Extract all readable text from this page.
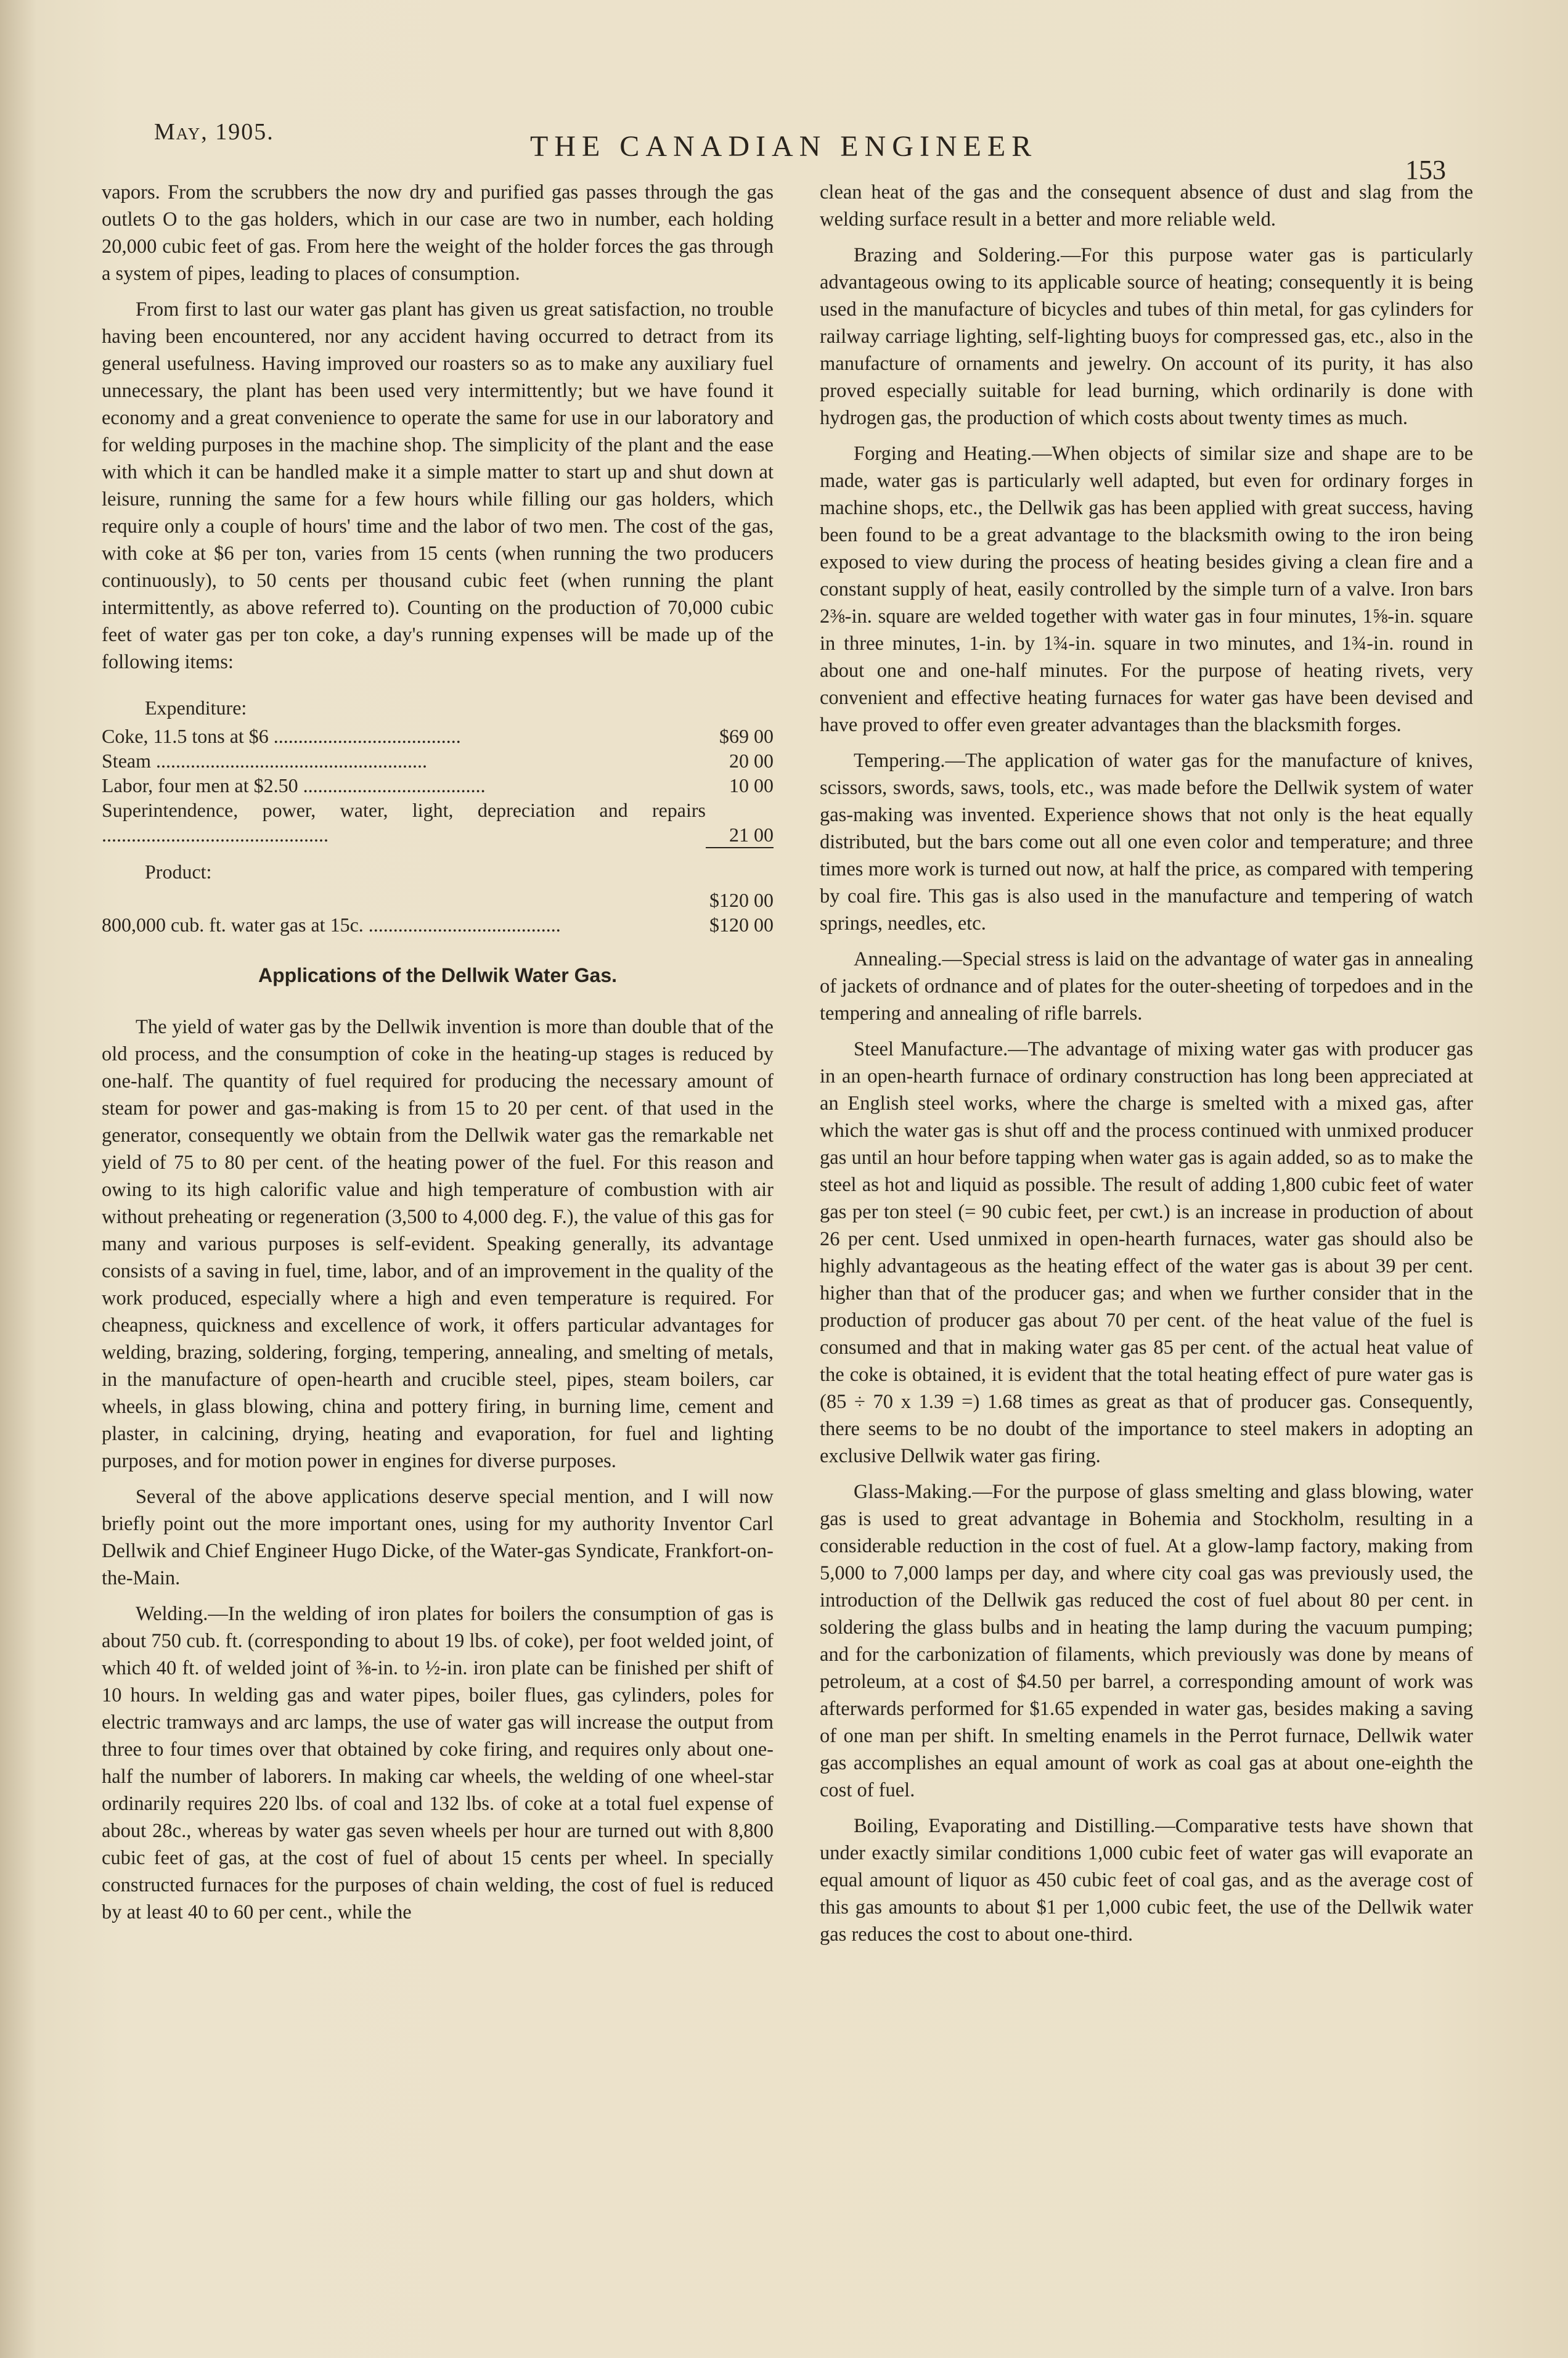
May, 1905.	THE CANADIAN ENGINEER
153

vapors. From the scrubbers the now dry and purified gas passes through the gas outlets O to the gas holders, which in our case are two in number, each holding 20,000 cubic feet of gas. From here the weight of the holder forces the gas through a system of pipes, leading to places of consumption.

From first to last our water gas plant has given us great satisfaction, no trouble having been encountered, nor any accident having occurred to detract from its general usefulness. Having improved our roasters so as to make any auxiliary fuel unnecessary, the plant has been used very intermittently; but we have found it economy and a great convenience to operate the same for use in our laboratory and for welding purposes in the machine shop. The simplicity of the plant and the ease with which it can be handled make it a simple matter to start up and shut down at leisure, running the same for a few hours while filling our gas holders, which require only a couple of hours' time and the labor of two men. The cost of the gas, with coke at $6 per ton, varies from 15 cents (when running the two producers continuously), to 50 cents per thousand cubic feet (when running the plant intermittently, as above referred to). Counting on the production of 70,000 cubic feet of water gas per ton coke, a day's running expenses will be made up of the following items:

Expenditure:
Coke, 11.5 tons at $6 ......................................	$69 00
Steam .......................................................	20 00
Labor, four men at $2.50 .....................................	10 00
Superintendence, power, water, light, depreciation and repairs ..............................................	21 00

Product:
	$120 00
800,000 cub. ft. water gas at 15c. .......................................	$120 00
Applications of the Dellwik Water Gas.

The yield of water gas by the Dellwik invention is more than double that of the old process, and the consumption of coke in the heating-up stages is reduced by one-half. The quantity of fuel required for producing the necessary amount of steam for power and gas-making is from 15 to 20 per cent. of that used in the generator, consequently we obtain from the Dellwik water gas the remarkable net yield of 75 to 80 per cent. of the heating power of the fuel. For this reason and owing to its high calorific value and high temperature of combustion with air without preheating or regeneration (3,500 to 4,000 deg. F.), the value of this gas for many and various purposes is self-evident. Speaking generally, its advantage consists of a saving in fuel, time, labor, and of an improvement in the quality of the work produced, especially where a high and even temperature is required. For cheapness, quickness and excellence of work, it offers particular advantages for welding, brazing, soldering, forging, tempering, annealing, and smelting of metals, in the manufacture of open-hearth and crucible steel, pipes, steam boilers, car wheels, in glass blowing, china and pottery firing, in burning lime, cement and plaster, in calcining, drying, heating and evaporation, for fuel and lighting purposes, and for motion power in engines for diverse purposes.

Several of the above applications deserve special mention, and I will now briefly point out the more important ones, using for my authority Inventor Carl Dellwik and Chief Engineer Hugo Dicke, of the Water-gas Syndicate, Frankfort-on-the-Main.

Welding.—In the welding of iron plates for boilers the consumption of gas is about 750 cub. ft. (corresponding to about 19 lbs. of coke), per foot welded joint, of which 40 ft. of welded joint of ⅜-in. to ½-in. iron plate can be finished per shift of 10 hours. In welding gas and water pipes, boiler flues, gas cylinders, poles for electric tramways and arc lamps, the use of water gas will increase the output from three to four times over that obtained by coke firing, and requires only about one-half the number of laborers. In making car wheels, the welding of one wheel-star ordinarily requires 220 lbs. of coal and 132 lbs. of coke at a total fuel expense of about 28c., whereas by water gas seven wheels per hour are turned out with 8,800 cubic feet of gas, at the cost of fuel of about 15 cents per wheel. In specially constructed furnaces for the purposes of chain welding, the cost of fuel is reduced by at least 40 to 60 per cent., while the

clean heat of the gas and the consequent absence of dust and slag from the welding surface result in a better and more reliable weld.

Brazing and Soldering.—For this purpose water gas is particularly advantageous owing to its applicable source of heating; consequently it is being used in the manufacture of bicycles and tubes of thin metal, for gas cylinders for railway carriage lighting, self-lighting buoys for compressed gas, etc., also in the manufacture of ornaments and jewelry. On account of its purity, it has also proved especially suitable for lead burning, which ordinarily is done with hydrogen gas, the production of which costs about twenty times as much.

Forging and Heating.—When objects of similar size and shape are to be made, water gas is particularly well adapted, but even for ordinary forges in machine shops, etc., the Dellwik gas has been applied with great success, having been found to be a great advantage to the blacksmith owing to the iron being exposed to view during the process of heating besides giving a clean fire and a constant supply of heat, easily controlled by the simple turn of a valve. Iron bars 2⅜-in. square are welded together with water gas in four minutes, 1⅝-in. square in three minutes, 1-in. by 1¾-in. square in two minutes, and 1¾-in. round in about one and one-half minutes. For the purpose of heating rivets, very convenient and effective heating furnaces for water gas have been devised and have proved to offer even greater advantages than the blacksmith forges.

Tempering.—The application of water gas for the manufacture of knives, scissors, swords, saws, tools, etc., was made before the Dellwik system of water gas-making was invented. Experience shows that not only is the heat equally distributed, but the bars come out all one even color and temperature; and three times more work is turned out now, at half the price, as compared with tempering by coal fire. This gas is also used in the manufacture and tempering of watch springs, needles, etc.

Annealing.—Special stress is laid on the advantage of water gas in annealing of jackets of ordnance and of plates for the outer-sheeting of torpedoes and in the tempering and annealing of rifle barrels.

Steel Manufacture.—The advantage of mixing water gas with producer gas in an open-hearth furnace of ordinary construction has long been appreciated at an English steel works, where the charge is smelted with a mixed gas, after which the water gas is shut off and the process continued with unmixed producer gas until an hour before tapping when water gas is again added, so as to make the steel as hot and liquid as possible. The result of adding 1,800 cubic feet of water gas per ton steel (= 90 cubic feet, per cwt.) is an increase in production of about 26 per cent. Used unmixed in open-hearth furnaces, water gas should also be highly advantageous as the heating effect of the water gas is about 39 per cent. higher than that of the producer gas; and when we further consider that in the production of producer gas about 70 per cent. of the heat value of the fuel is consumed and that in making water gas 85 per cent. of the actual heat value of the coke is obtained, it is evident that the total heating effect of pure water gas is (85 ÷ 70 x 1.39 =) 1.68 times as great as that of producer gas. Consequently, there seems to be no doubt of the importance to steel makers in adopting an exclusive Dellwik water gas firing.

Glass-Making.—For the purpose of glass smelting and glass blowing, water gas is used to great advantage in Bohemia and Stockholm, resulting in a considerable reduction in the cost of fuel. At a glow-lamp factory, making from 5,000 to 7,000 lamps per day, and where city coal gas was previously used, the introduction of the Dellwik gas reduced the cost of fuel about 80 per cent. in soldering the glass bulbs and in heating the lamp during the vacuum pumping; and for the carbonization of filaments, which previously was done by means of petroleum, at a cost of $4.50 per barrel, a corresponding amount of work was afterwards performed for $1.65 expended in water gas, besides making a saving of one man per shift. In smelting enamels in the Perrot furnace, Dellwik water gas accomplishes an equal amount of work as coal gas at about one-eighth the cost of fuel.

Boiling, Evaporating and Distilling.—Comparative tests have shown that under exactly similar conditions 1,000 cubic feet of water gas will evaporate an equal amount of liquor as 450 cubic feet of coal gas, and as the average cost of this gas amounts to about $1 per 1,000 cubic feet, the use of the Dellwik water gas reduces the cost to about one-third.
